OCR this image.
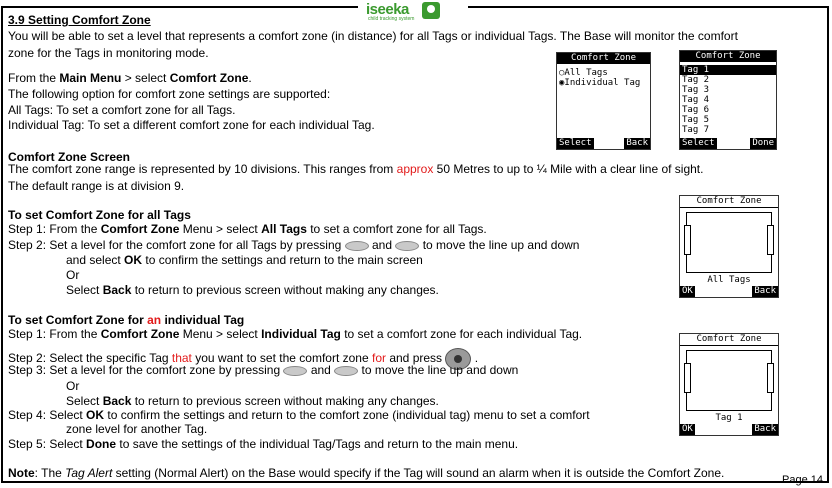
iseeka
child tracking system
3.9 Setting Comfort Zone
You will be able to set a level that represents a comfort zone (in distance) for all Tags or individual Tags. The Base will monitor the comfort
zone for the Tags in monitoring mode.
From the Main Menu > select Comfort Zone.
The following option for comfort zone settings are supported:
All Tags: To set a comfort zone for all Tags.
Individual Tag: To set a different comfort zone for each individual Tag.
Comfort Zone Screen
The comfort zone range is represented by 10 divisions. This ranges from approx 50 Metres to up to ¼ Mile with a clear line of sight.
The default range is at division 9.
To set Comfort Zone for all Tags
Step 1: From the Comfort Zone Menu > select All Tags to set a comfort zone for all Tags.
Step 2: Set a level for the comfort zone for all Tags by pressing  and	to move the line up and down
and select OK to confirm the settings and return to the main screen
Or
Select Back to return to previous screen without making any changes.
To set Comfort Zone for an individual Tag
Step 1: From the Comfort Zone Menu > select Individual Tag to set a comfort zone for each individual Tag.
Step 2: Select the specific Tag that you want to set the comfort zone for and press	.
Step 3: Set a level for the comfort zone by pressing  and	to move the line up and down
Or
Select Back to return to previous screen without making any changes.
Step 4: Select OK to confirm the settings and return to the comfort zone (individual tag) menu to set a comfort
zone level for another Tag.
Step 5: Select Done to save the settings of the individual Tag/Tags and return to the main menu.
Note: The Tag Alert setting (Normal Alert) on the Base would specify if the Tag will sound an alarm when it is outside the Comfort Zone.	Page 14
Comfort Zone
○All Tags
◉Individual Tag
Select	Back
Comfort Zone
Tag 1
Tag 2
Tag 3
Tag 4
Tag 6
Tag 5
Tag 7
Select	Done
Comfort Zone
All Tags
OK	Back
Comfort Zone
Tag 1
OK	Back
